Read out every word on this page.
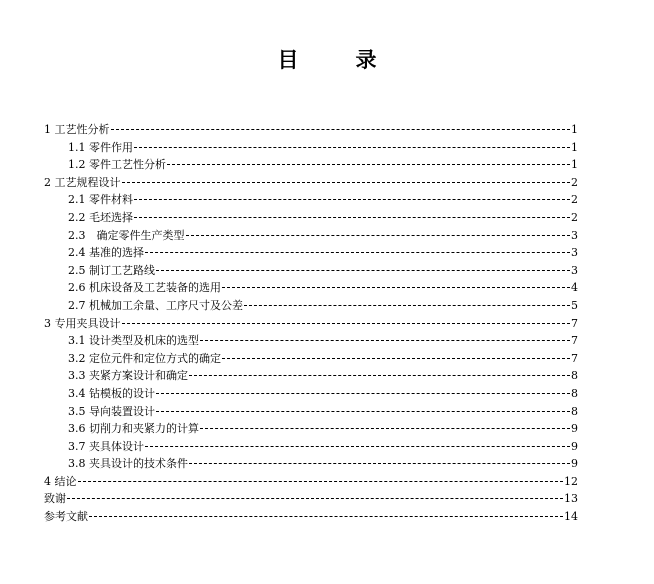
目　录
1 工艺性分析	1
1.1 零件作用	1
1.2 零件工艺性分析	1
2 工艺规程设计	2
2.1 零件材料	2
2.2 毛坯选择	2
2.3　确定零件生产类型	3
2.4 基准的选择	3
2.5 制订工艺路线	3
2.6 机床设备及工艺装备的选用	4
2.7 机械加工余量、工序尺寸及公差	5
3 专用夹具设计	7
3.1 设计类型及机床的选型	7
3.2 定位元件和定位方式的确定	7
3.3 夹紧方案设计和确定	8
3.4 钻模板的设计	8
3.5 导向装置设计	8
3.6 切削力和夹紧力的计算	9
3.7 夹具体设计	9
3.8 夹具设计的技术条件	9
4 结论	12
致谢	13
参考文献	14
